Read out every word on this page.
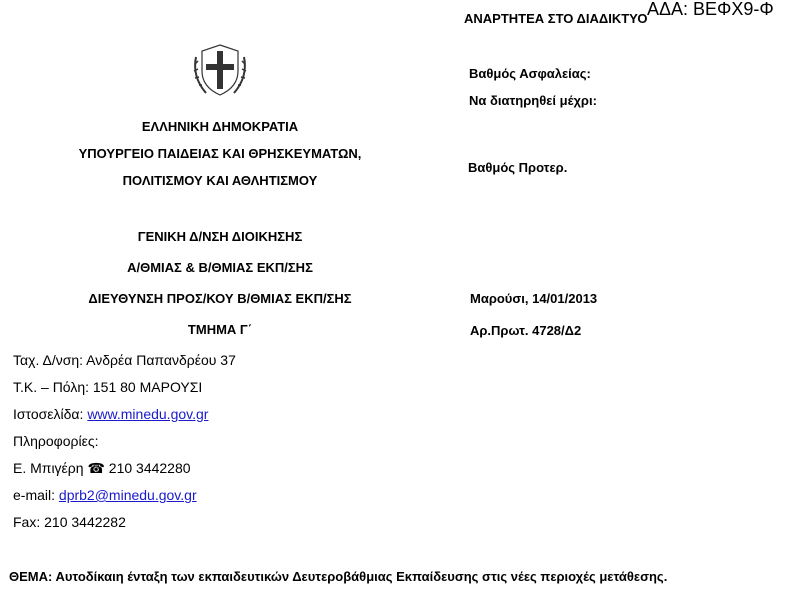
ΑΝΑΡΤΗΤΕΑ ΣΤΟ ΔΙΑΔΙΚΤΥΟ ΑΔΑ: ΒΕΦΧ9-Φ
Βαθμός Ασφαλείας:
Να διατηρηθεί μέχρι:
Βαθμός Προτερ.
Μαρούσι, 14/01/2013
Αρ.Πρωτ. 4728/Δ2
ΕΛΛΗΝΙΚΗ ΔΗΜΟΚΡΑΤΙΑ
ΥΠΟΥΡΓΕΙΟ ΠΑΙΔΕΙΑΣ ΚΑΙ ΘΡΗΣΚΕΥΜΑΤΩΝ,
ΠΟΛΙΤΙΣΜΟΥ ΚΑΙ ΑΘΛΗΤΙΣΜΟΥ
ΓΕΝΙΚΗ Δ/ΝΣΗ ΔΙΟΙΚΗΣΗΣ
Α/ΘΜΙΑΣ & Β/ΘΜΙΑΣ ΕΚΠ/ΣΗΣ
ΔΙΕΥΘΥΝΣΗ ΠΡΟΣ/ΚΟΥ Β/ΘΜΙΑΣ ΕΚΠ/ΣΗΣ
ΤΜΗΜΑ Γ΄
Ταχ. Δ/νση: Ανδρέα Παπανδρέου 37
Τ.Κ. – Πόλη: 151 80 ΜΑΡΟΥΣΙ
Ιστοσελίδα: www.minedu.gov.gr
Πληροφορίες:
Ε. Μπιγέρη ☎ 210 3442280
e-mail: dprb2@minedu.gov.gr
Fax: 210 3442282
ΘΕΜΑ: Αυτοδίκαιη ένταξη των εκπαιδευτικών Δευτεροβάθμιας Εκπαίδευσης στις νέες περιοχές μετάθεσης.
